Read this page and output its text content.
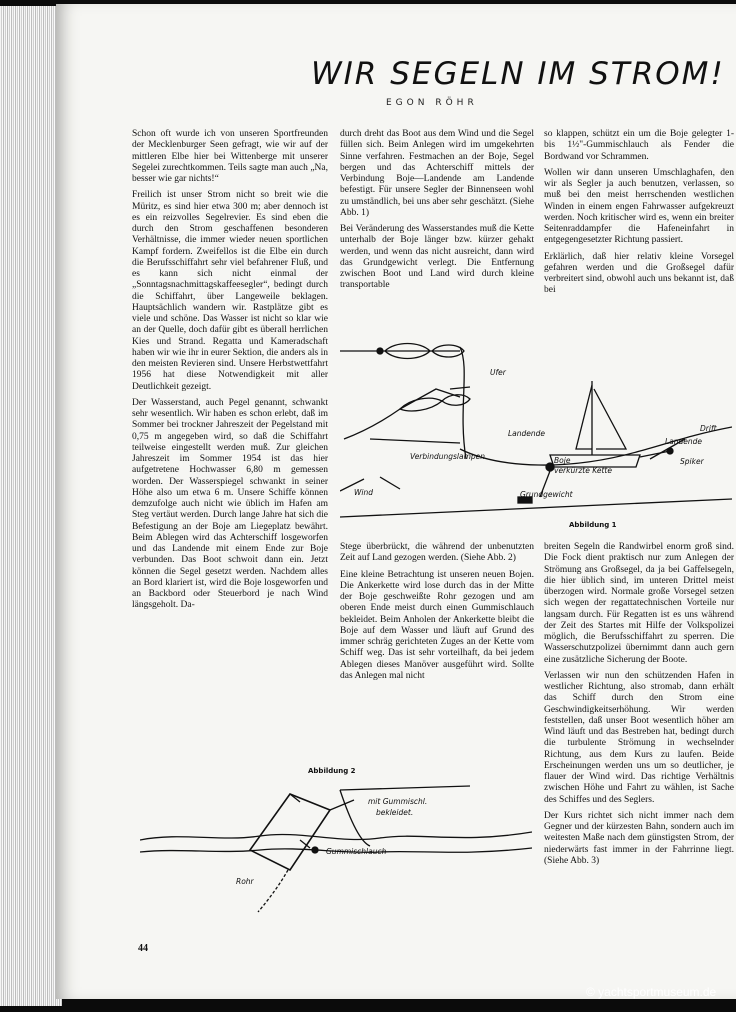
WIR SEGELN IM STROM!
EGON RÖHR

Schon oft wurde ich von unseren Sportfreunden der Mecklenburger Seen gefragt, wie wir auf der mittleren Elbe hier bei Wittenberge mit unserer Segelei zurechtkommen. Teils sagte man auch „Na, besser wie gar nichts!“

Freilich ist unser Strom nicht so breit wie die Müritz, es sind hier etwa 300 m; aber dennoch ist es ein reizvolles Segelrevier. Es sind eben die durch den Strom geschaffenen besonderen Verhältnisse, die immer wieder neuen sportlichen Kampf fordern. Zweifellos ist die Elbe ein durch die Berufsschiffahrt sehr viel befahrener Fluß, und es kann sich nicht einmal der „Sonntagsnachmittagskaffeesegler“, bedingt durch die Schiffahrt, über Langeweile beklagen. Hauptsächlich wandern wir. Rastplätze gibt es viele und schöne. Das Wasser ist nicht so klar wie an der Quelle, doch dafür gibt es überall herrlichen Kies und Strand. Regatta und Kameradschaft haben wir wie ihr in eurer Sektion, die anders als in den meisten Revieren sind. Unsere Herbstwettfahrt 1956 hat diese Notwendigkeit mit aller Deutlichkeit gezeigt.

Der Wasserstand, auch Pegel genannt, schwankt sehr wesentlich. Wir haben es schon erlebt, daß im Sommer bei trockner Jahreszeit der Pegelstand mit 0,75 m angegeben wird, so daß die Schiffahrt teilweise eingestellt werden muß. Zur gleichen Jahreszeit im Sommer 1954 ist das hier aufgetretene Hochwasser 6,80 m gemessen worden. Der Wasserspiegel schwankt in seiner Höhe also um etwa 6 m. Unsere Schiffe können demzufolge auch nicht wie üblich im Hafen am Steg vertäut werden. Durch lange Jahre hat sich die Befestigung an der Boje am Liegeplatz bewährt. Beim Ablegen wird das Achterschiff losgeworfen und das Landende mit einem Ende zur Boje verbunden. Das Boot schwoit dann ein. Jetzt können die Segel gesetzt werden. Nachdem alles an Bord klariert ist, wird die Boje losgeworfen und an Backbord oder Steuerbord je nach Wind längsgeholt. Da-

durch dreht das Boot aus dem Wind und die Segel füllen sich. Beim Anlegen wird im umgekehrten Sinne verfahren. Festmachen an der Boje, Segel bergen und das Achterschiff mittels der Verbindung Boje—Landende am Landende befestigt. Für unsere Segler der Binnenseen wohl zu umständlich, bei uns aber sehr geschätzt. (Siehe Abb. 1)

Bei Veränderung des Wasserstandes muß die Kette unterhalb der Boje länger bzw. kürzer gehakt werden, und wenn das nicht ausreicht, dann wird das Grundgewicht verlegt. Die Entfernung zwischen Boot und Land wird durch kleine transportable

so klappen, schützt ein um die Boje gelegter 1- bis 1½"-Gummischlauch als Fender die Bordwand vor Schrammen.

Wollen wir dann unseren Umschlaghafen, den wir als Segler ja auch benutzen, verlassen, so muß bei den meist herrschenden westlichen Winden in einem engen Fahrwasser aufgekreuzt werden. Noch kritischer wird es, wenn ein breiter Seitenraddampfer die Hafeneinfahrt in entgegengesetzter Richtung passiert.

Erklärlich, daß hier relativ kleine Vorsegel gefahren werden und die Großsegel dafür verbreitert sind, obwohl auch uns bekannt ist, daß bei

Ufer
Landende
Verbindungslampen	Boje
verkürzte Kette
Landende
Drift
Spiker
Grundgewicht
Wind
Abbildung 1

Stege überbrückt, die während der unbenutzten Zeit auf Land gezogen werden. (Siehe Abb. 2)

Eine kleine Betrachtung ist unseren neuen Bojen. Die Ankerkette wird lose durch das in der Mitte der Boje geschweißte Rohr gezogen und am oberen Ende meist durch einen Gummischlauch bekleidet. Beim Anholen der Ankerkette bleibt die Boje auf dem Wasser und läuft auf Grund des immer schräg gerichteten Zuges an der Kette vom Schiff weg. Das ist sehr vorteilhaft, da bei jedem Ablegen dieses Manöver ausgeführt wird. Sollte das Anlegen mal nicht

breiten Segeln die Randwirbel enorm groß sind. Die Fock dient praktisch nur zum Anlegen der Strömung ans Großsegel, da ja bei Gaffelsegeln, die hier üblich sind, im unteren Drittel meist überzogen wird. Normale große Vorsegel setzen sich wegen der regattatechnischen Vorteile nur langsam durch. Für Regatten ist es uns während der Zeit des Startes mit Hilfe der Volkspolizei möglich, die Berufsschiffahrt zu sperren. Die Wasserschutzpolizei übernimmt dann auch gern eine zusätzliche Sicherung der Boote.

Verlassen wir nun den schützenden Hafen in westlicher Richtung, also stromab, dann erhält das Schiff durch den Strom eine Geschwindigkeitserhöhung. Wir werden feststellen, daß unser Boot wesentlich höher am Wind läuft und das Bestreben hat, bedingt durch die turbulente Strömung in wechselnder Richtung, aus dem Kurs zu laufen. Beide Erscheinungen werden uns um so deutlicher, je flauer der Wind wird. Das richtige Verhältnis zwischen Höhe und Fahrt zu wählen, ist Sache des Schiffes und des Seglers.

Der Kurs richtet sich nicht immer nach dem Gegner und der kürzesten Bahn, sondern auch im weitesten Maße nach dem günstigsten Strom, der niederwärts fast immer in der Fahrrinne liegt. (Siehe Abb. 3)

Abbildung 2
mit Gummischl.
bekleidet.
Gummischlauch
Rohr
44
© yachtsportmuseum.de
